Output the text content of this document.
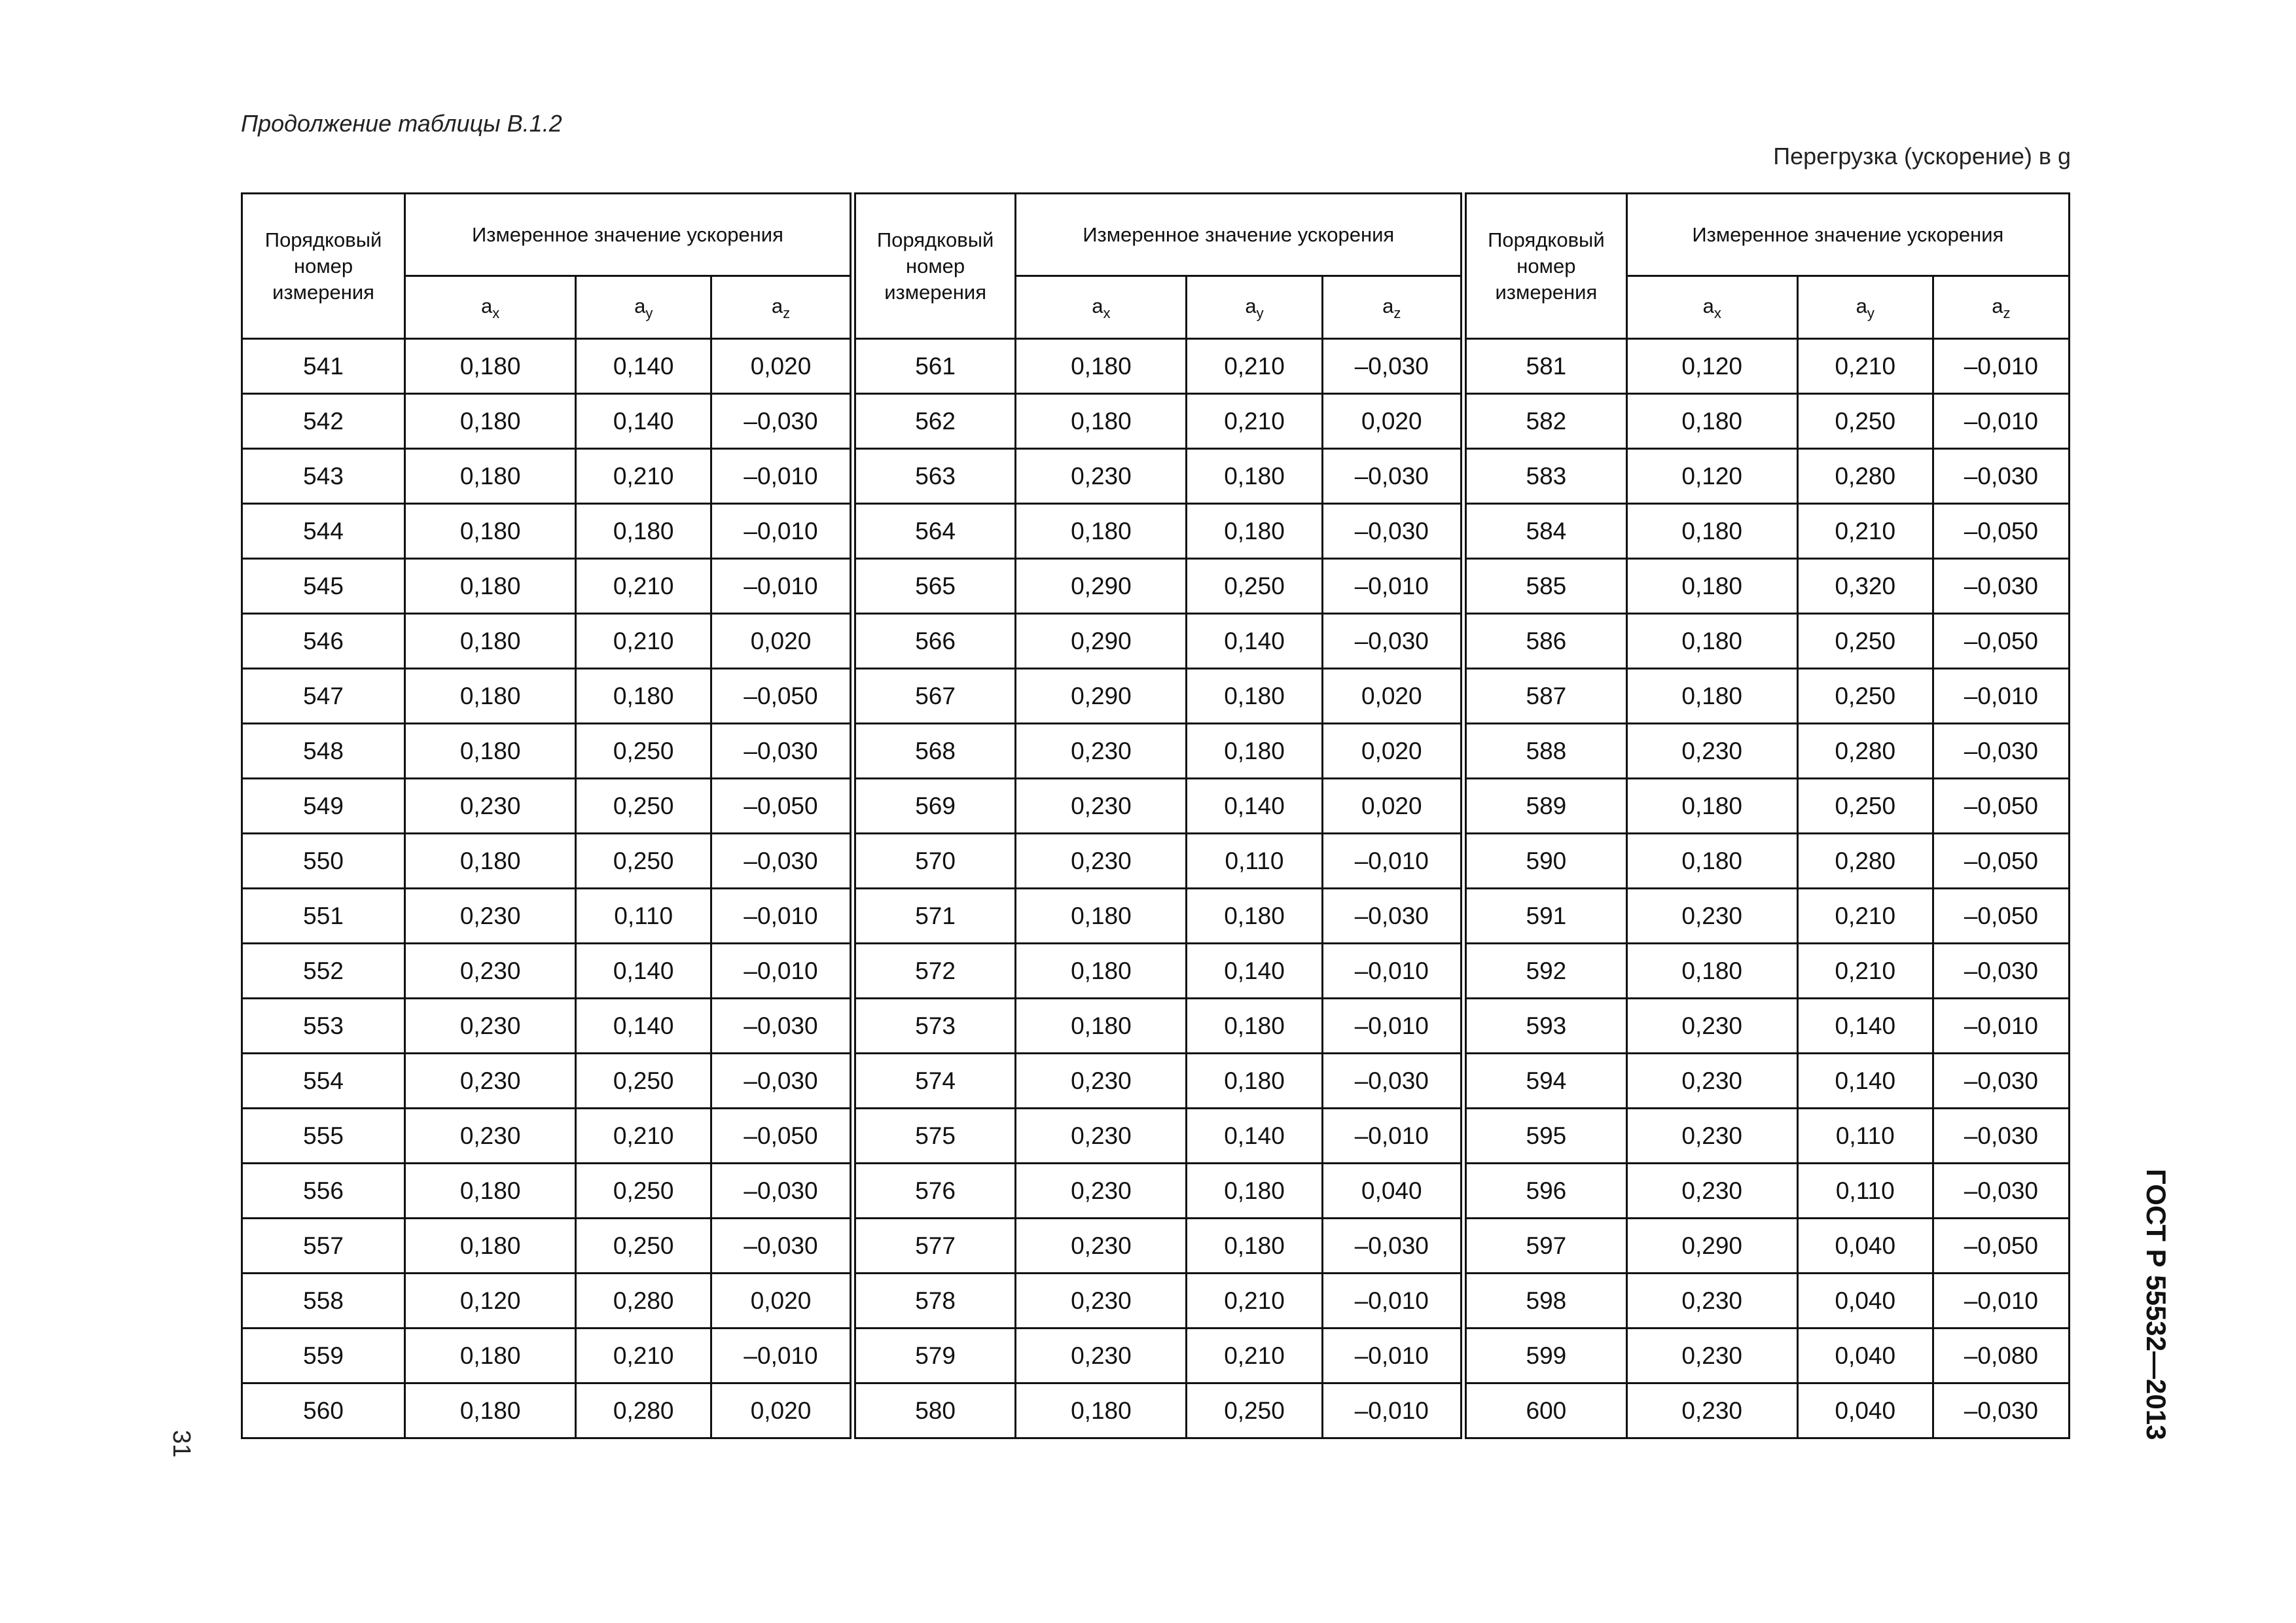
Продолжение таблицы В.1.2
Перегрузка (ускорение) в g
Порядковый номер измерения	Измеренное значение ускорения			Порядковый номер измерения	Измеренное значение ускорения			Порядковый номер измерения	Измеренное значение ускорения		
	$a_x$	$a_y$	$a_z$		$a_x$	$a_y$	$a_z$		$a_x$	$a_y$	$a_z$
541	0,180	0,140	0,020	561	0,180	0,210	–0,030	581	0,120	0,210	–0,010
542	0,180	0,140	–0,030	562	0,180	0,210	0,020	582	0,180	0,250	–0,010
543	0,180	0,210	–0,010	563	0,230	0,180	–0,030	583	0,120	0,280	–0,030
544	0,180	0,180	–0,010	564	0,180	0,180	–0,030	584	0,180	0,210	–0,050
545	0,180	0,210	–0,010	565	0,290	0,250	–0,010	585	0,180	0,320	–0,030
546	0,180	0,210	0,020	566	0,290	0,140	–0,030	586	0,180	0,250	–0,050
547	0,180	0,180	–0,050	567	0,290	0,180	0,020	587	0,180	0,250	–0,010
548	0,180	0,250	–0,030	568	0,230	0,180	0,020	588	0,230	0,280	–0,030
549	0,230	0,250	–0,050	569	0,230	0,140	0,020	589	0,180	0,250	–0,050
550	0,180	0,250	–0,030	570	0,230	0,110	–0,010	590	0,180	0,280	–0,050
551	0,230	0,110	–0,010	571	0,180	0,180	–0,030	591	0,230	0,210	–0,050
552	0,230	0,140	–0,010	572	0,180	0,140	–0,010	592	0,180	0,210	–0,030
553	0,230	0,140	–0,030	573	0,180	0,180	–0,010	593	0,230	0,140	–0,010
554	0,230	0,250	–0,030	574	0,230	0,180	–0,030	594	0,230	0,140	–0,030
555	0,230	0,210	–0,050	575	0,230	0,140	–0,010	595	0,230	0,110	–0,030
556	0,180	0,250	–0,030	576	0,230	0,180	0,040	596	0,230	0,110	–0,030
557	0,180	0,250	–0,030	577	0,230	0,180	–0,030	597	0,290	0,040	–0,050
558	0,120	0,280	0,020	578	0,230	0,210	–0,010	598	0,230	0,040	–0,010
559	0,180	0,210	–0,010	579	0,230	0,210	–0,010	599	0,230	0,040	–0,080
560	0,180	0,280	0,020	580	0,180	0,250	–0,010	600	0,230	0,040	–0,030
31
ГОСТ Р 55532—2013
